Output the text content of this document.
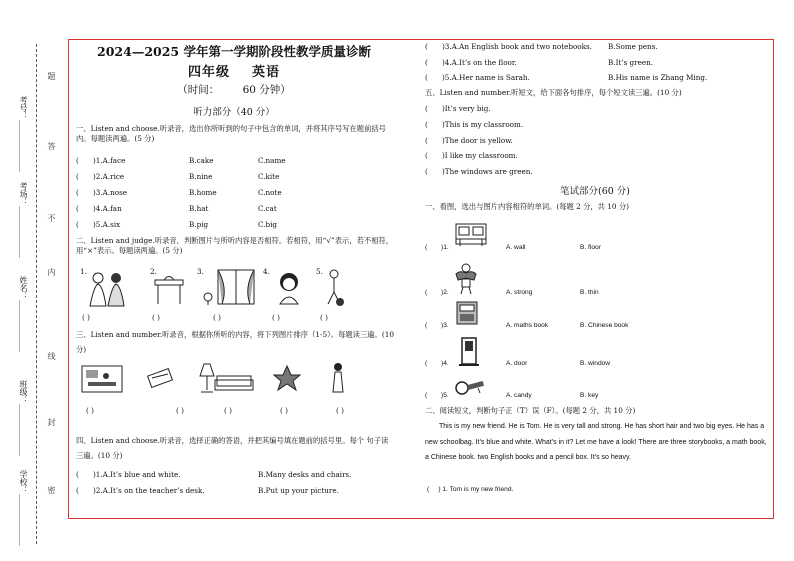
考号：_____________
考场：_____________
姓名：_____________
班级：_____________
学校：_____________
题
答
不
内
线
封
密
2024—2025 学年第一学期阶段性教学质量诊断
四年级    英语
（时间：       60 分钟）
听力部分（40 分）
一、Listen and choose.听录音，选出你所听到的句子中包含的单词，并将其序号写在题前括号内。每题读两遍。(5 分)
( )1.A.face	B.cake	C.name
( )2.A.rice	B.nine	C.kite
( )3.A.nose	B.home	C.note
( )4.A.fan	B.hat	C.cat
( )5.A.six	B.pig	C.big
二、Listen and judge.听录音，判断图片与所听内容是否相符。若相符，用“√”表示，若不相符，用“×”表示。每题读两遍。(5 分)
1.	2.	3.	4.	5.
( )	( )	( )	( )	( )
三、Listen and number.听录音，根据你所听的内容，将下列图片排序（1-5）。每题读三遍。(10 分)
( )	( )	( )	( )	( )
四、Listen and choose.听录音，选择正确的答语，并把其编号填在题前的括号里。每个 句子读三遍。(10 分)
( )1.A.It’s blue and white.	B.Many desks and chairs.
( )2.A.It’s on the teacher’s desk.	B.Put up your picture.
( )3.A.An English book and two notebooks. B.Some pens.
( )4.A.It’s on the floor.	B.It’s green.
( )5.A.Her name is Sarah.	B.His name is Zhang Ming.
五、Listen and number.听短文，给下面各句排序，每个短文读三遍。(10 分)
( )It’s very big.
( )This is my classroom.
( )The door is yellow.
( )I like my classroom.
( )The windows are green.
笔试部分(60 分)
一、看图，选出与图片内容相符的单词。(每题 2 分，共 10 分)
( )1.	A. wall	B. floor
( )2.	A. strong	B. thin
( )3.	A. maths book	B. Chinese book
( )4.	A. door	B. window
( )5.	A. candy	B. key
二、阅读短文，判断句子正（T）误（F）。(每题 2 分，共 10 分)
This is my new friend. He is Tom. He is very tall and strong. He has short hair and two big eyes. He has a new schoolbag. It’s blue and white. What’s in it? Let me have a look! There are three storybooks, a math book, a Chinese book. two English books and a pencil box. It’s so heavy.
(     ) 1. Tom is my new friend.
